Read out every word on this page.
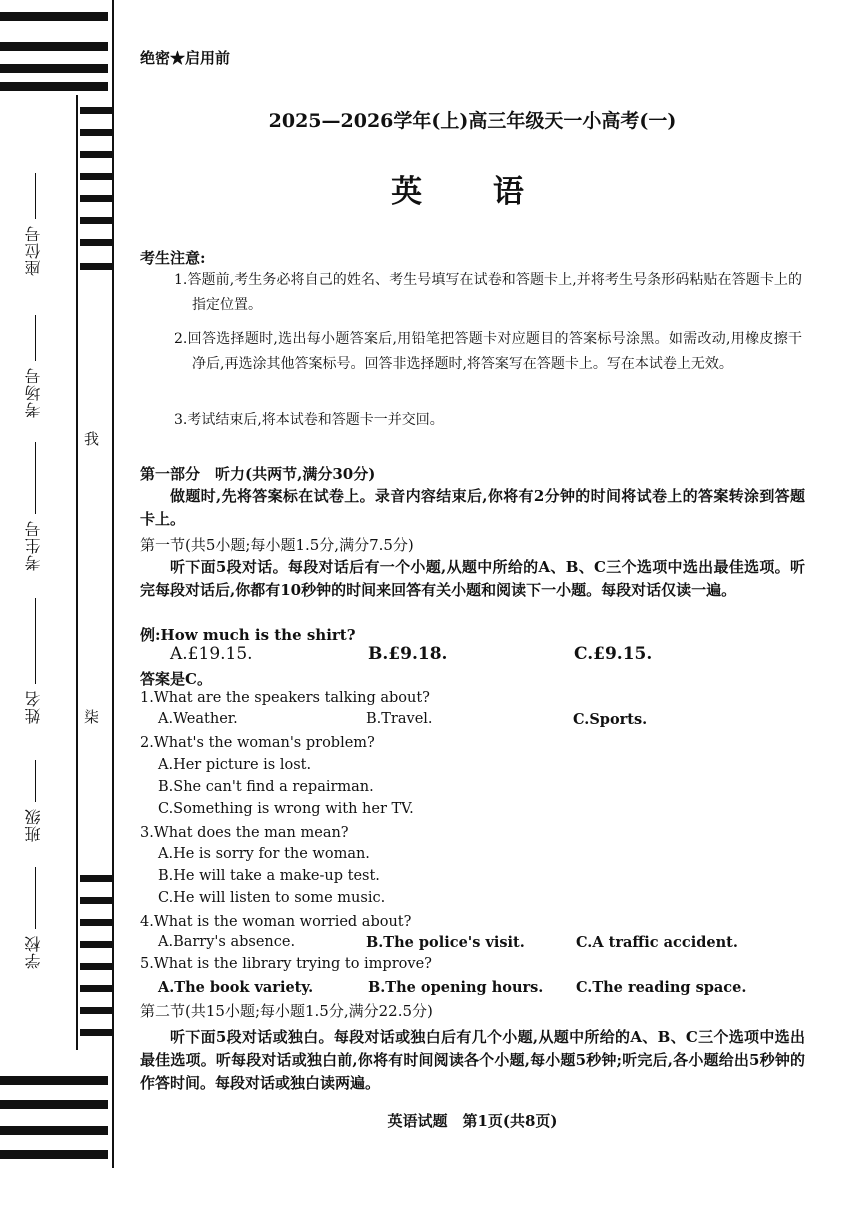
我
柒
座位号
考场号
考生号
姓名
班级
学校
绝密★启用前
2025—2026学年(上)高三年级天一小高考(一)
英 语
考生注意:
1.答题前,考生务必将自己的姓名、考生号填写在试卷和答题卡上,并将考生号条形码粘贴在答题卡上的指定位置。
2.回答选择题时,选出每小题答案后,用铅笔把答题卡对应题目的答案标号涂黑。如需改动,用橡皮擦干净后,再选涂其他答案标号。回答非选择题时,将答案写在答题卡上。写在本试卷上无效。
3.考试结束后,将本试卷和答题卡一并交回。
第一部分　听力(共两节,满分30分)
做题时,先将答案标在试卷上。录音内容结束后,你将有2分钟的时间将试卷上的答案转涂到答题卡上。
第一节(共5小题;每小题1.5分,满分7.5分)
听下面5段对话。每段对话后有一个小题,从题中所给的A、B、C三个选项中选出最佳选项。听完每段对话后,你都有10秒钟的时间来回答有关小题和阅读下一小题。每段对话仅读一遍。
例:How much is the shirt?
A.£19.15.	B.£9.18.	C.£9.15.
答案是C。
1.What are the speakers talking about?
A.Weather.	B.Travel.	C.Sports.
2.What's the woman's problem?
A.Her picture is lost.
B.She can't find a repairman.
C.Something is wrong with her TV.
3.What does the man mean?
A.He is sorry for the woman.
B.He will take a make-up test.
C.He will listen to some music.
4.What is the woman worried about?
A.Barry's absence.	B.The police's visit.	C.A traffic accident.
5.What is the library trying to improve?
A.The book variety.	B.The opening hours. C.The reading space.
第二节(共15小题;每小题1.5分,满分22.5分)
听下面5段对话或独白。每段对话或独白后有几个小题,从题中所给的A、B、C三个选项中选出最佳选项。听每段对话或独白前,你将有时间阅读各个小题,每小题5秒钟;听完后,各小题给出5秒钟的作答时间。每段对话或独白读两遍。
英语试题　第1页(共8页)
